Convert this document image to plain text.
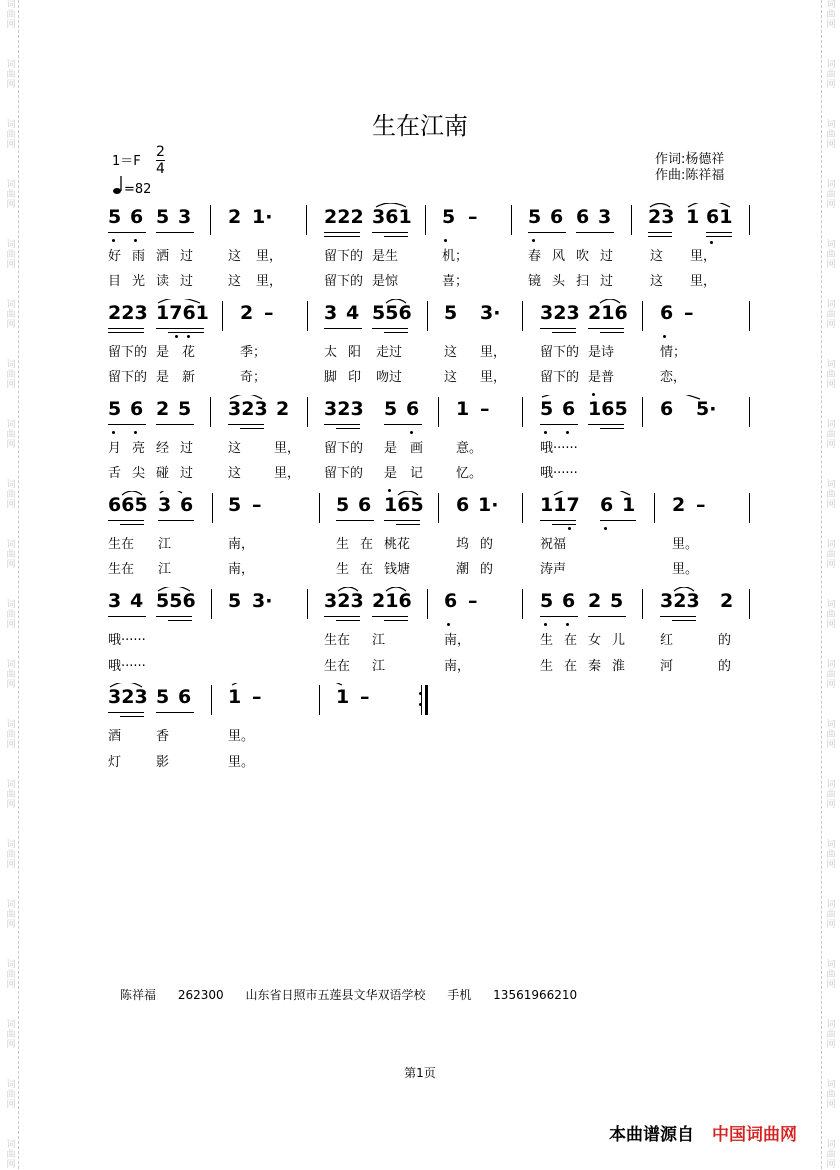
词
曲
网
词
曲
网
词
曲
网
词
曲
网
词
曲
网
词
曲
网
词
曲
网
词
曲
网
词
曲
网
词
曲
网
词
曲
网
词
曲
网
词
曲
网
词
曲
网
词
曲
网
词
曲
网
词
曲
网
词
曲
网
词
曲
网
词
曲
网
词
曲
网
词
曲
网
词
曲
网
词
曲
网
词
曲
网
词
曲
网
词
曲
网
词
曲
网
词
曲
网
词
曲
网
词
曲
网
词
曲
网
词
曲
网
词
曲
网
词
曲
网
词
曲
网
词
曲
网
词
曲
网
词
曲
网
词
曲
网
生在江南
1＝F
2
4
=82
作词:杨德祥
作曲:陈祥福
5 6 5 3 2 1·	222 361 5 –	5 6 6 3 23 1 61
好 雨 洒 过	这 里，	留下的 是生	机；	春 风 吹 过	这 里，
目 光 读 过	这 里，	留下的 是惊	喜；	镜 头 扫 过	这 里，
223 1761 2 –	3 4 556 5 3· 323 216 6 –
留下的 是 花	季；	太 阳 走过	这 里，	留下的 是诗	情；
留下的 是 新	奇；	脚 印 吻过	这 里，	留下的 是普	恋，
5 6 2 5 323 2 323 5 6 1 –	5 6 165 6 5·
月 亮 经 过	这	里， 留下的 是 画	意。	哦······
舌 尖 碰 过	这	里， 留下的 是 记	忆。	哦······
665 3 6 5 –	5 6 165 6 1· 117 6 1 2 –
生在 江	南，	生 在 桃花	坞 的	祝福	里。
生在 江	南，	生 在 钱塘	潮 的	涛声	里。
3 4 556 5 3·	323 216 6 –	5 6 2 5 323 2
哦······	生在 江	南，	生 在 女 儿	红	的
哦······	生在 江	南，	生 在 秦 淮	河	的
323 5 6 1 –	1 –
酒	香	里。
灯	影	里。
陈祥福 262300 山东省日照市五莲县文华双语学校 手机 13561966210
第1页
本曲谱源自 中国词曲网
